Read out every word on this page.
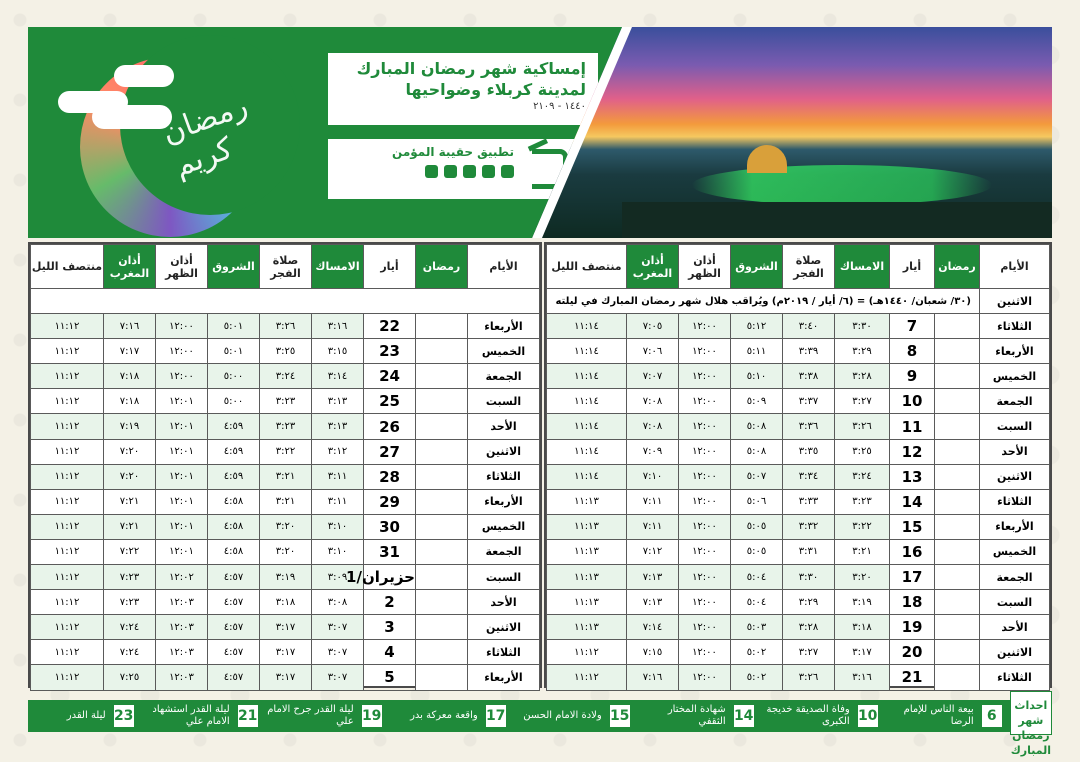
رمضان كريم
إمساكية شهر رمضان المبارك
لمدينة كربلاء وضواحيها
١٤٤٠ - ٢١٠٩
تطبيق حقيبة المؤمن
الأيام	رمضان	أيار	الامساك	صلاة الفجر	الشروق	أذان الظهر	أذان المغرب	منتصف الليل
الاثنين	(٣٠/ شعبان/ ١٤٤٠هـ) = (٦/ أيار / ٢٠١٩م) ويُراقب هلال شهر رمضان المبارك في ليلته							
الثلاثاء		7	٣:٣٠	٣:٤٠	٥:١٢	١٢:٠٠	٧:٠٥	١١:١٤
الأربعاء		8	٣:٢٩	٣:٣٩	٥:١١	١٢:٠٠	٧:٠٦	١١:١٤
الخميس		9	٣:٢٨	٣:٣٨	٥:١٠	١٢:٠٠	٧:٠٧	١١:١٤
الجمعة		10	٣:٢٧	٣:٣٧	٥:٠٩	١٢:٠٠	٧:٠٨	١١:١٤
السبت		11	٣:٢٦	٣:٣٦	٥:٠٨	١٢:٠٠	٧:٠٨	١١:١٤
الأحد		12	٣:٢٥	٣:٣٥	٥:٠٨	١٢:٠٠	٧:٠٩	١١:١٤
الاثنين		13	٣:٢٤	٣:٣٤	٥:٠٧	١٢:٠٠	٧:١٠	١١:١٤
الثلاثاء		14	٣:٢٣	٣:٣٣	٥:٠٦	١٢:٠٠	٧:١١	١١:١٣
الأربعاء		15	٣:٢٢	٣:٣٢	٥:٠٥	١٢:٠٠	٧:١١	١١:١٣
الخميس		16	٣:٢١	٣:٣١	٥:٠٥	١٢:٠٠	٧:١٢	١١:١٣
الجمعة		17	٣:٢٠	٣:٣٠	٥:٠٤	١٢:٠٠	٧:١٣	١١:١٣
السبت		18	٣:١٩	٣:٢٩	٥:٠٤	١٢:٠٠	٧:١٣	١١:١٣
الأحد		19	٣:١٨	٣:٢٨	٥:٠٣	١٢:٠٠	٧:١٤	١١:١٣
الاثنين		20	٣:١٧	٣:٢٧	٥:٠٢	١٢:٠٠	٧:١٥	١١:١٢
الثلاثاء		21	٣:١٦	٣:٢٦	٥:٠٢	١٢:٠٠	٧:١٦	١١:١٢
الأيام	رمضان	أيار	الامساك	صلاة الفجر	الشروق	أذان الظهر	أذان المغرب	منتصف الليل

الأربعاء		22	٣:١٦	٣:٢٦	٥:٠١	١٢:٠٠	٧:١٦	١١:١٢
الخميس		23	٣:١٥	٣:٢٥	٥:٠١	١٢:٠٠	٧:١٧	١١:١٢
الجمعة		24	٣:١٤	٣:٢٤	٥:٠٠	١٢:٠٠	٧:١٨	١١:١٢
السبت		25	٣:١٣	٣:٢٣	٥:٠٠	١٢:٠١	٧:١٨	١١:١٢
الأحد		26	٣:١٣	٣:٢٣	٤:٥٩	١٢:٠١	٧:١٩	١١:١٢
الاثنين		27	٣:١٢	٣:٢٢	٤:٥٩	١٢:٠١	٧:٢٠	١١:١٢
الثلاثاء		28	٣:١١	٣:٢١	٤:٥٩	١٢:٠١	٧:٢٠	١١:١٢
الأربعاء		29	٣:١١	٣:٢١	٤:٥٨	١٢:٠١	٧:٢١	١١:١٢
الخميس		30	٣:١٠	٣:٢٠	٤:٥٨	١٢:٠١	٧:٢١	١١:١٢
الجمعة		31	٣:١٠	٣:٢٠	٤:٥٨	١٢:٠١	٧:٢٢	١١:١٢
السبت		حزيران/1	٣:٠٩	٣:١٩	٤:٥٧	١٢:٠٢	٧:٢٣	١١:١٢
الأحد		2	٣:٠٨	٣:١٨	٤:٥٧	١٢:٠٣	٧:٢٣	١١:١٢
الاثنين		3	٣:٠٧	٣:١٧	٤:٥٧	١٢:٠٣	٧:٢٤	١١:١٢
الثلاثاء		4	٣:٠٧	٣:١٧	٤:٥٧	١٢:٠٣	٧:٢٤	١١:١٢
الأربعاء		5	٣:٠٧	٣:١٧	٤:٥٧	١٢:٠٣	٧:٢٥	١١:١٢
احداث شهر رمضان المبارك
6
بيعة الناس للإمام الرضا
10
وفاة الصديقة خديجة الكبرى
14
شهادة المختار الثقفي
15
ولادة الامام الحسن
17
واقعة معركة بدر
19
ليلة القدر جرح الامام علي
21
ليلة القدر استشهاد الامام علي
23
ليلة القدر
